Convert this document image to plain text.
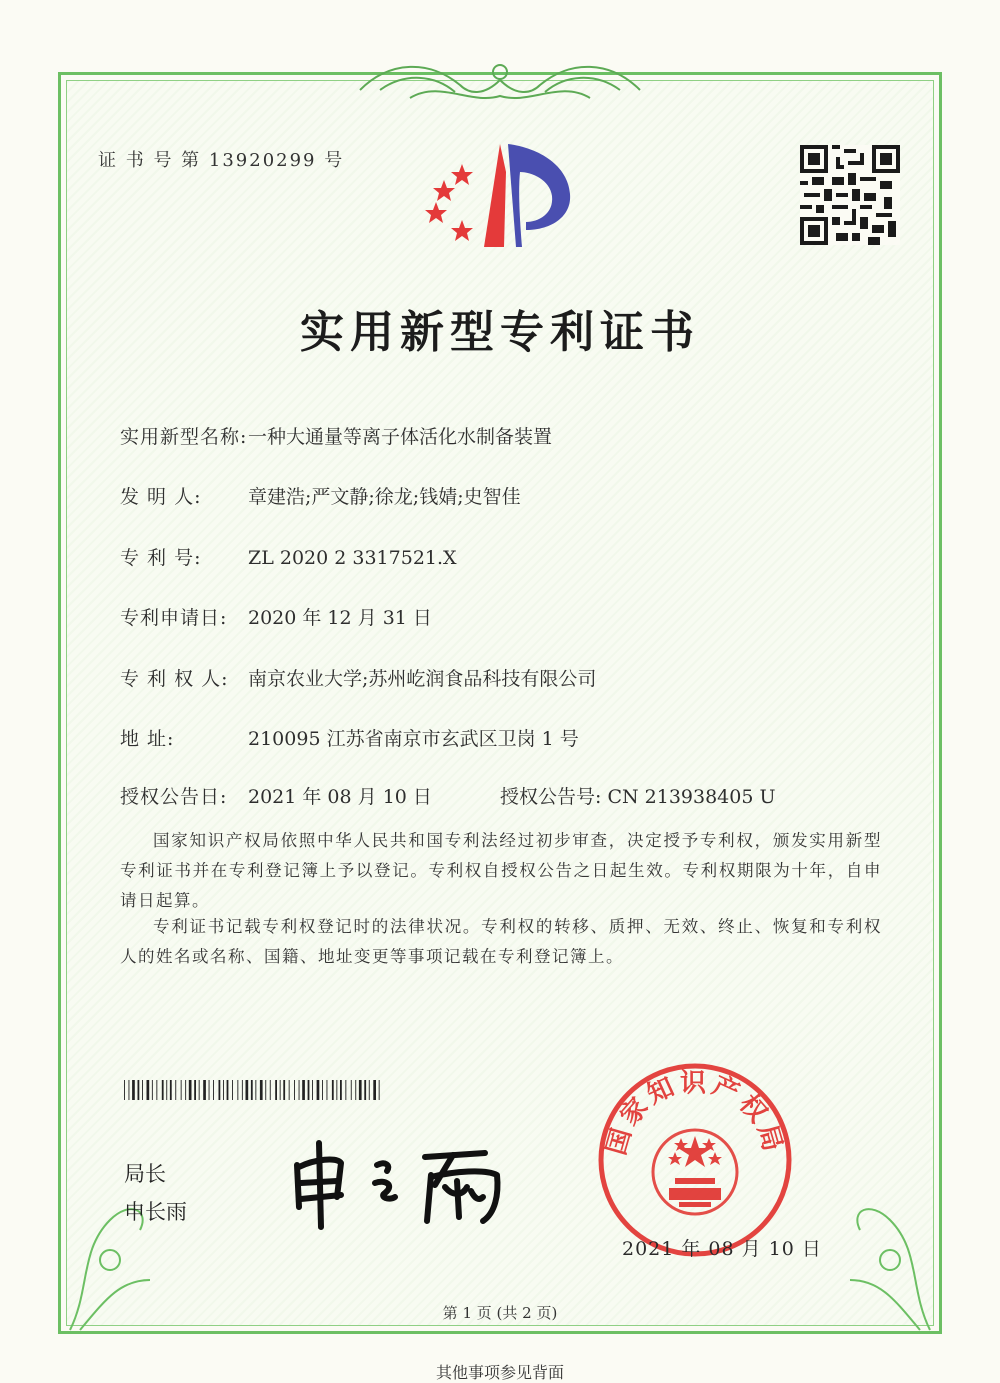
证 书 号 第 13920299 号
实用新型专利证书
实用新型名称:一种大通量等离子体活化水制备装置
发 明 人: 章建浩;严文静;徐龙;钱婧;史智佳
专 利 号: ZL 2020 2 3317521.X
专利申请日: 2020 年 12 月 31 日
专 利 权 人: 南京农业大学;苏州屹润食品科技有限公司
地 址:	210095 江苏省南京市玄武区卫岗 1 号
授权公告日: 2021 年 08 月 10 日	授权公告号: CN 213938405 U
国家知识产权局依照中华人民共和国专利法经过初步审查，决定授予专利权，颁发实用新型专利证书并在专利登记簿上予以登记。专利权自授权公告之日起生效。专利权期限为十年，自申请日起算。
专利证书记载专利权登记时的法律状况。专利权的转移、质押、无效、终止、恢复和专利权人的姓名或名称、国籍、地址变更等事项记载在专利登记簿上。
局长
申长雨
国家知识产权局
2021 年 08 月 10 日
第 1 页 (共 2 页)
其他事项参见背面
